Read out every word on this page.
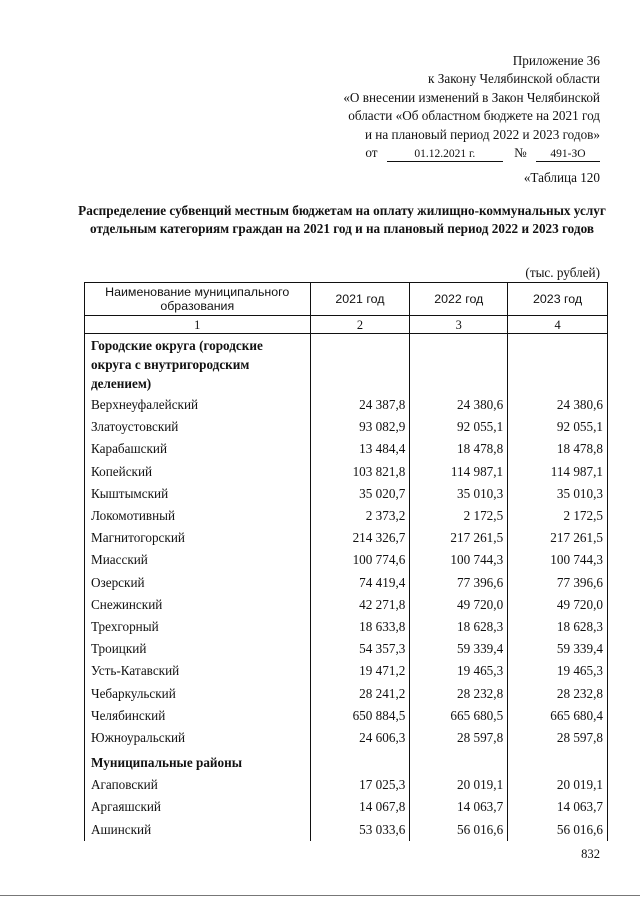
Приложение 36
к Закону Челябинской области
«О внесении изменений в Закон Челябинской
области «Об областном бюджете на 2021 год
и на плановый период 2022 и 2023 годов»
от	01.12.2021 г.	№ 491-ЗО
«Таблица 120
Распределение субвенций местным бюджетам на оплату жилищно-коммунальных услуг отдельным категориям граждан на 2021 год и на плановый период 2022 и 2023 годов
(тыс. рублей)
Наименование муниципального образования	2021 год	2022 год	2023 год
1	2	3	4
Городские округа (городские округа с внутригородским делением)			
Верхнеуфалейский	24 387,8	24 380,6	24 380,6
Златоустовский	93 082,9	92 055,1	92 055,1
Карабашский	13 484,4	18 478,8	18 478,8
Копейский	103 821,8	114 987,1	114 987,1
Кыштымский	35 020,7	35 010,3	35 010,3
Локомотивный	2 373,2	2 172,5	2 172,5
Магнитогорский	214 326,7	217 261,5	217 261,5
Миасский	100 774,6	100 744,3	100 744,3
Озерский	74 419,4	77 396,6	77 396,6
Снежинский	42 271,8	49 720,0	49 720,0
Трехгорный	18 633,8	18 628,3	18 628,3
Троицкий	54 357,3	59 339,4	59 339,4
Усть-Катавский	19 471,2	19 465,3	19 465,3
Чебаркульский	28 241,2	28 232,8	28 232,8
Челябинский	650 884,5	665 680,5	665 680,4
Южноуральский	24 606,3	28 597,8	28 597,8
Муниципальные районы			
Агаповский	17 025,3	20 019,1	20 019,1
Аргаяшский	14 067,8	14 063,7	14 063,7
Ашинский	53 033,6	56 016,6	56 016,6
832
